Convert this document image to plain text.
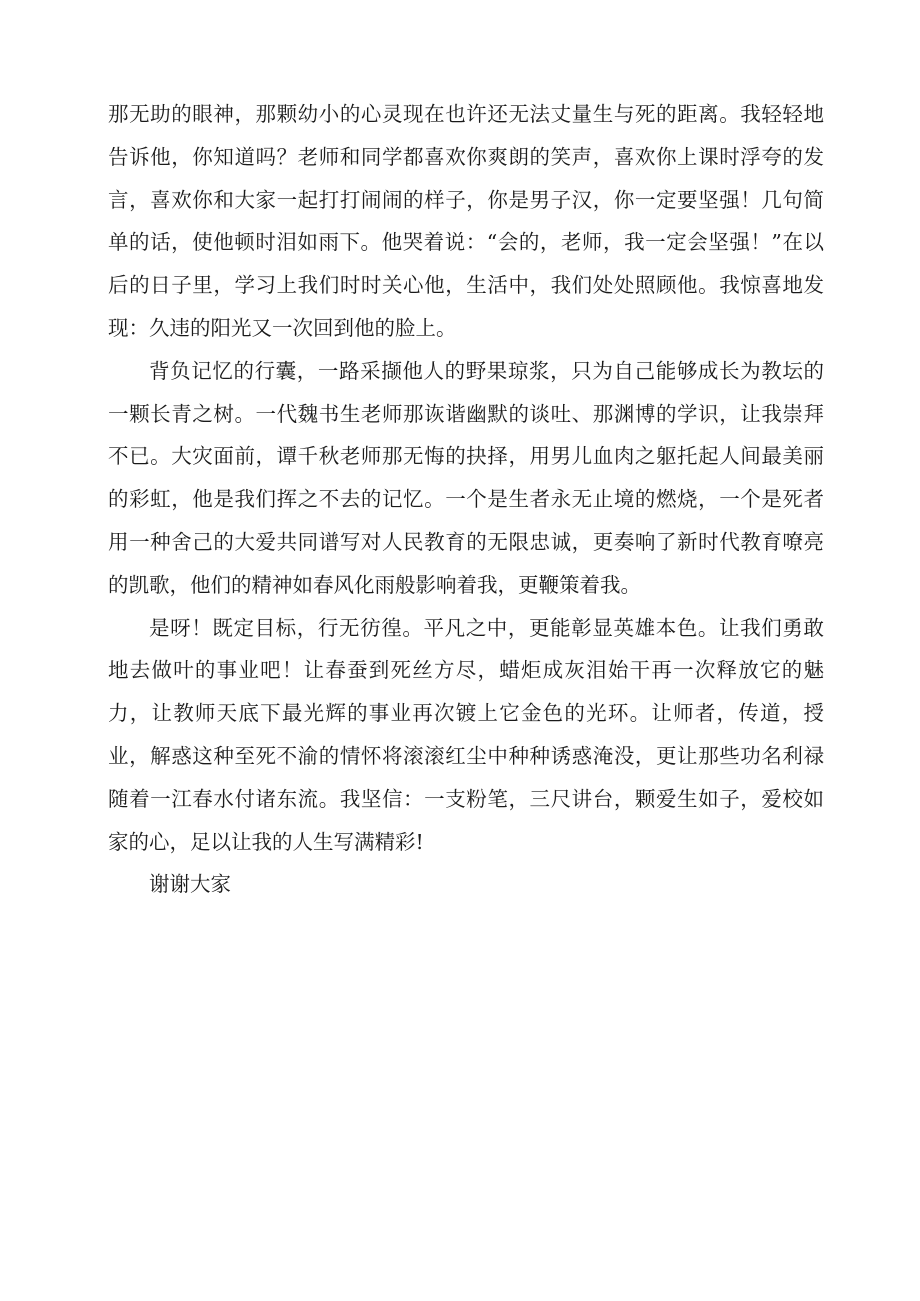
那无助的眼神，那颗幼小的心灵现在也许还无法丈量生与死的距离。我轻轻地告诉他，你知道吗？老师和同学都喜欢你爽朗的笑声，喜欢你上课时浮夸的发言，喜欢你和大家一起打打闹闹的样子，你是男子汉，你一定要坚强！几句简单的话，使他顿时泪如雨下。他哭着说：“会的，老师，我一定会坚强！”在以后的日子里，学习上我们时时关心他，生活中，我们处处照顾他。我惊喜地发现：久违的阳光又一次回到他的脸上。

背负记忆的行囊，一路采撷他人的野果琼浆，只为自己能够成长为教坛的一颗长青之树。一代魏书生老师那诙谐幽默的谈吐、那渊博的学识，让我崇拜不已。大灾面前，谭千秋老师那无悔的抉择，用男儿血肉之躯托起人间最美丽的彩虹，他是我们挥之不去的记忆。一个是生者永无止境的燃烧，一个是死者用一种舍己的大爱共同谱写对人民教育的无限忠诚，更奏响了新时代教育嘹亮的凯歌，他们的精神如春风化雨般影响着我，更鞭策着我。

是呀！既定目标，行无彷徨。平凡之中，更能彰显英雄本色。让我们勇敢地去做叶的事业吧！让春蚕到死丝方尽，蜡炬成灰泪始干再一次释放它的魅力，让教师天底下最光辉的事业再次镀上它金色的光环。让师者，传道，授业，解惑这种至死不渝的情怀将滚滚红尘中种种诱惑淹没，更让那些功名利禄随着一江春水付诸东流。我坚信：一支粉笔，三尺讲台，颗爱生如子，爱校如家的心，足以让我的人生写满精彩!

谢谢大家
